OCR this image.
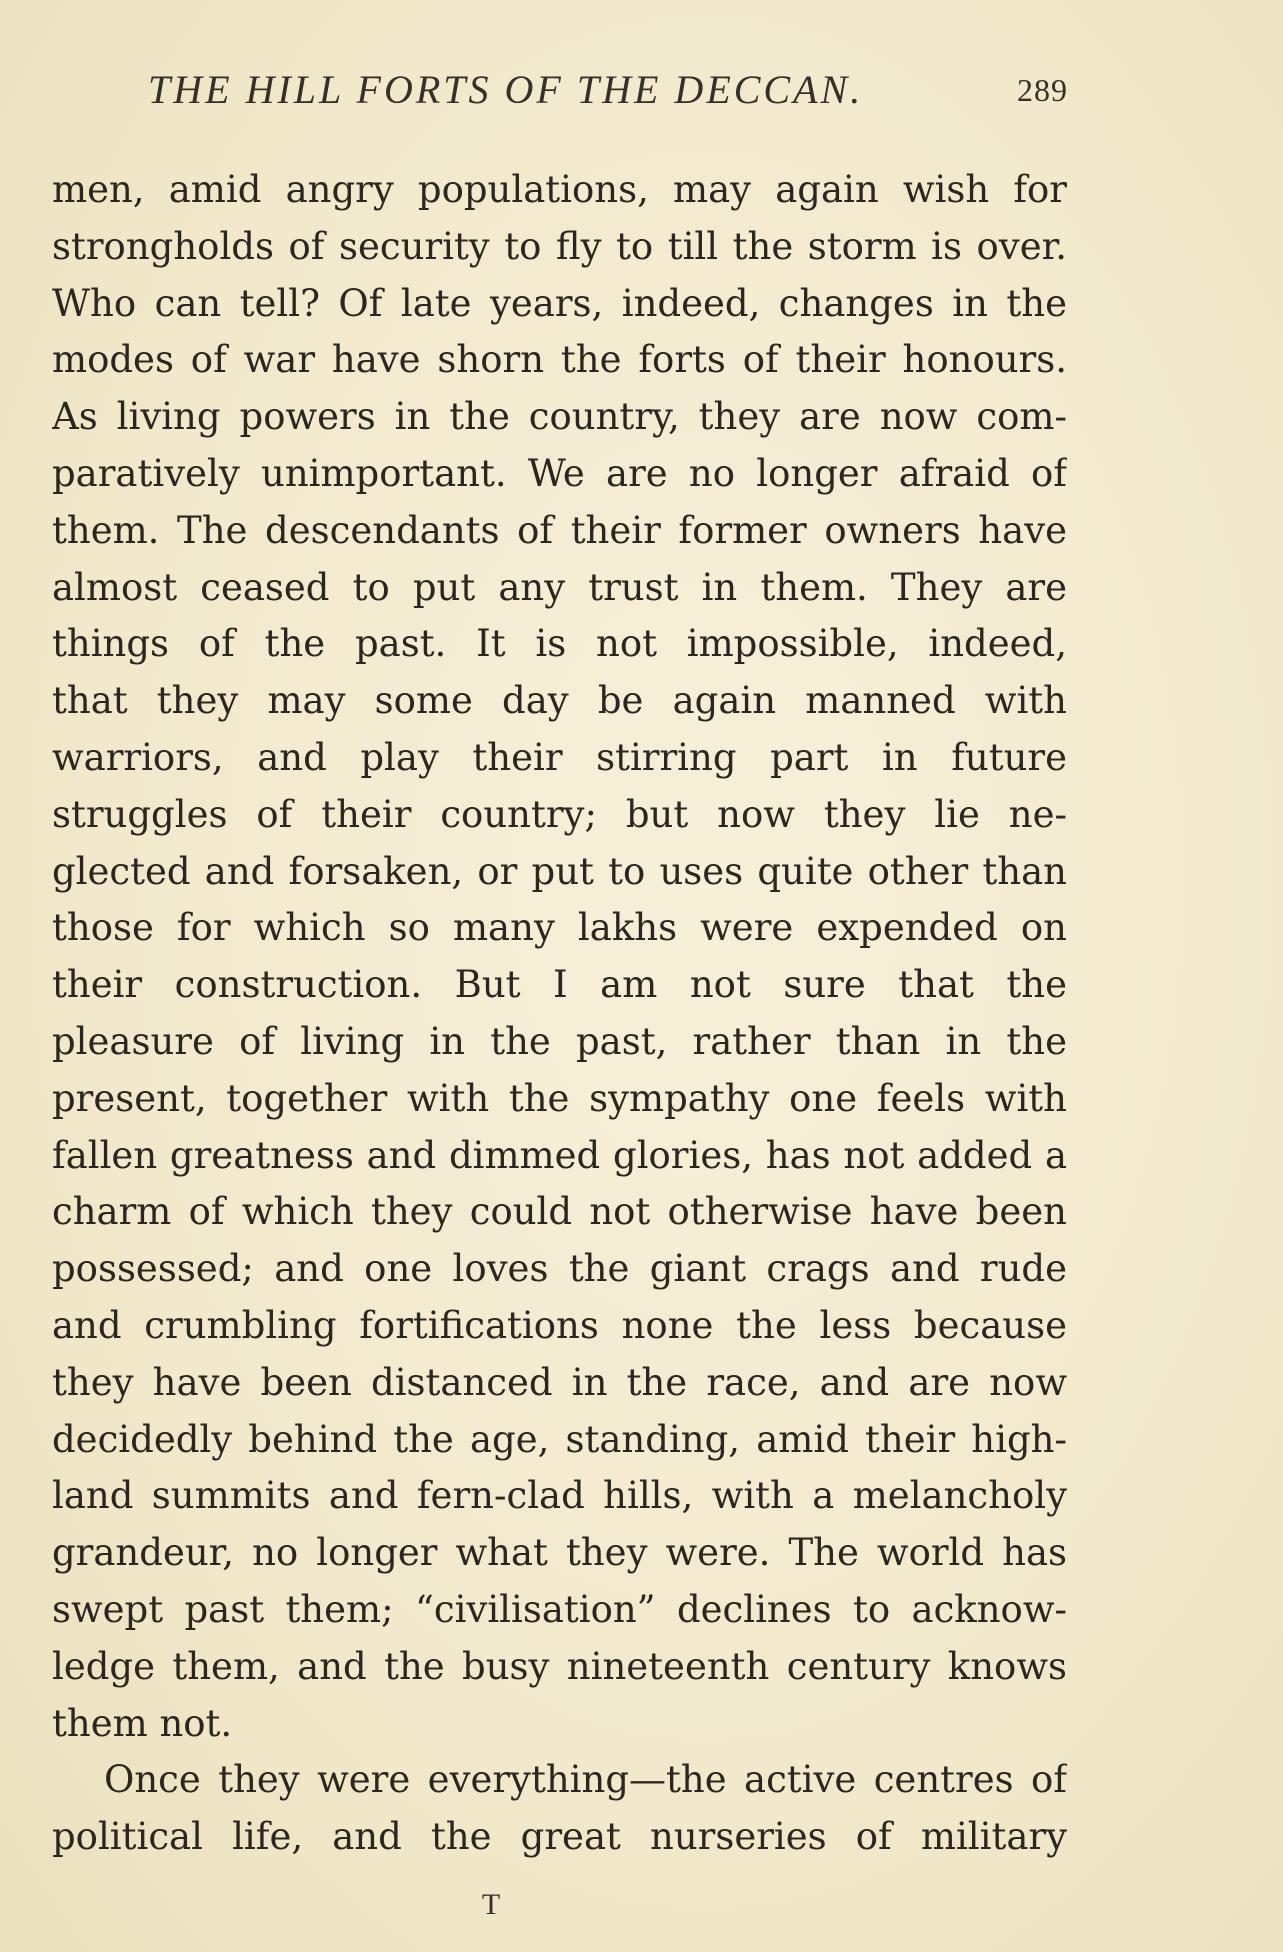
THE HILL FORTS OF THE DECCAN.	289
men, amid angry populations, may again wish for
strongholds of security to fly to till the storm is over.
Who can tell? Of late years, indeed, changes in the
modes of war have shorn the forts of their honours.
As living powers in the country, they are now com-
paratively unimportant. We are no longer afraid of
them. The descendants of their former owners have
almost ceased to put any trust in them. They are
things of the past. It is not impossible, indeed,
that they may some day be again manned with
warriors, and play their stirring part in future
struggles of their country; but now they lie ne-
glected and forsaken, or put to uses quite other than
those for which so many lakhs were expended on
their construction. But I am not sure that the
pleasure of living in the past, rather than in the
present, together with the sympathy one feels with
fallen greatness and dimmed glories, has not added a
charm of which they could not otherwise have been
possessed; and one loves the giant crags and rude
and crumbling fortifications none the less because
they have been distanced in the race, and are now
decidedly behind the age, standing, amid their high-
land summits and fern-clad hills, with a melancholy
grandeur, no longer what they were. The world has
swept past them; “civilisation” declines to acknow-
ledge them, and the busy nineteenth century knows
them not.
Once they were everything—the active centres of
political life, and the great nurseries of military
T
